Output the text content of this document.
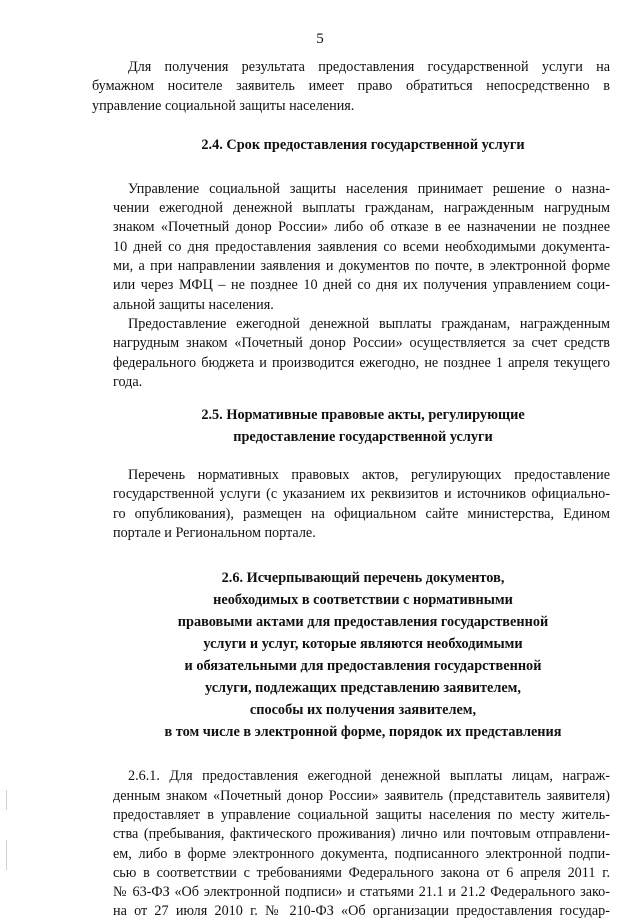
5
Для получения результата предоставления государственной услуги на
бумажном носителе заявитель имеет право обратиться непосредственно в
управление социальной защиты населения.
2.4. Срок предоставления государственной услуги
Управление социальной защиты населения принимает решение о назна-
чении ежегодной денежной выплаты гражданам, награжденным нагрудным
знаком «Почетный донор России» либо об отказе в ее назначении не позднее
10 дней со дня предоставления заявления со всеми необходимыми документа-
ми, а при направлении заявления и документов по почте, в электронной форме
или через МФЦ – не позднее 10 дней со дня их получения управлением соци-
альной защиты населения.
Предоставление ежегодной денежной выплаты гражданам, награжденным
нагрудным знаком «Почетный донор России» осуществляется за счет средств
федерального бюджета и производится ежегодно, не позднее 1 апреля текущего
года.
2.5. Нормативные правовые акты, регулирующие
предоставление государственной услуги
Перечень нормативных правовых актов, регулирующих предоставление
государственной услуги (с указанием их реквизитов и источников официально-
го опубликования), размещен на официальном сайте министерства, Едином
портале и Региональном портале.
2.6. Исчерпывающий перечень документов,
необходимых в соответствии с нормативными
правовыми актами для предоставления государственной
услуги и услуг, которые являются необходимыми
и обязательными для предоставления государственной
услуги, подлежащих представлению заявителем,
способы их получения заявителем,
в том числе в электронной форме, порядок их представления
2.6.1. Для предоставления ежегодной денежной выплаты лицам, награж-
денным знаком «Почетный донор России» заявитель (представитель заявителя)
предоставляет в управление социальной защиты населения по месту житель-
ства (пребывания, фактического проживания) лично или почтовым отправлени-
ем, либо в форме электронного документа, подписанного электронной подпи-
сью в соответствии с требованиями Федерального закона от 6 апреля 2011 г.
№ 63-ФЗ «Об электронной подписи» и статьями 21.1 и 21.2 Федерального зако-
на от 27 июля 2010 г. № 210-ФЗ «Об организации предоставления государ-
